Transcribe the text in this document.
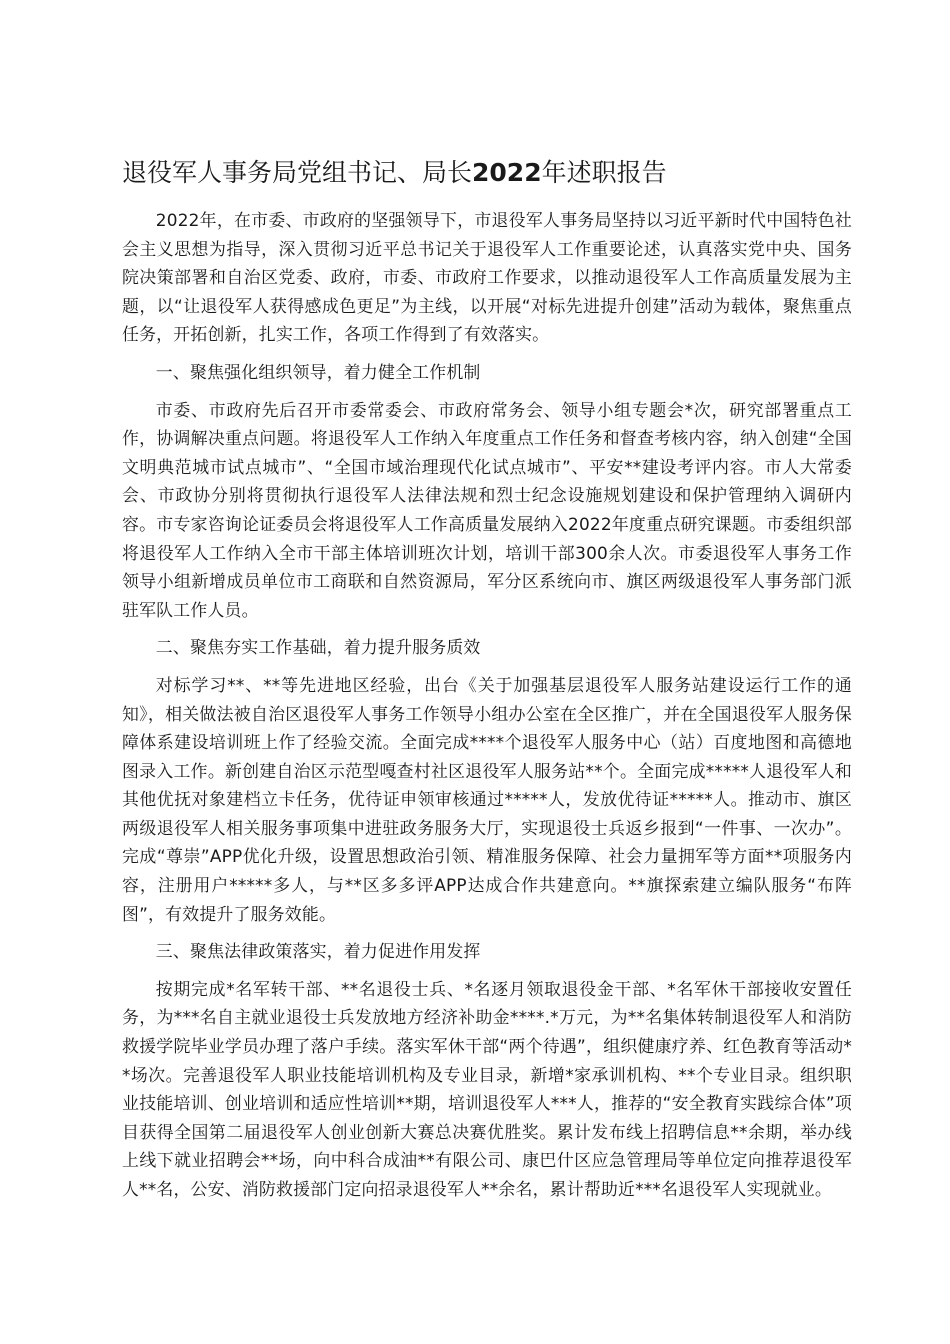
退役军人事务局党组书记、局长2022年述职报告

2022年，在市委、市政府的坚强领导下，市退役军人事务局坚持以习近平新时代中国特色社会主义思想为指导，深入贯彻习近平总书记关于退役军人工作重要论述，认真落实党中央、国务院决策部署和自治区党委、政府，市委、市政府工作要求，以推动退役军人工作高质量发展为主题，以“让退役军人获得感成色更足”为主线，以开展“对标先进提升创建”活动为载体，聚焦重点任务，开拓创新，扎实工作，各项工作得到了有效落实。

一、聚焦强化组织领导，着力健全工作机制

市委、市政府先后召开市委常委会、市政府常务会、领导小组专题会*次，研究部署重点工作，协调解决重点问题。将退役军人工作纳入年度重点工作任务和督查考核内容，纳入创建“全国文明典范城市试点城市”、“全国市域治理现代化试点城市”、平安**建设考评内容。市人大常委会、市政协分别将贯彻执行退役军人法律法规和烈士纪念设施规划建设和保护管理纳入调研内容。市专家咨询论证委员会将退役军人工作高质量发展纳入2022年度重点研究课题。市委组织部将退役军人工作纳入全市干部主体培训班次计划，培训干部300余人次。市委退役军人事务工作领导小组新增成员单位市工商联和自然资源局，军分区系统向市、旗区两级退役军人事务部门派驻军队工作人员。

二、聚焦夯实工作基础，着力提升服务质效

对标学习**、**等先进地区经验，出台《关于加强基层退役军人服务站建设运行工作的通知》，相关做法被自治区退役军人事务工作领导小组办公室在全区推广，并在全国退役军人服务保障体系建设培训班上作了经验交流。全面完成****个退役军人服务中心（站）百度地图和高德地图录入工作。新创建自治区示范型嘎查村社区退役军人服务站**个。全面完成*****人退役军人和其他优抚对象建档立卡任务，优待证申领审核通过*****人，发放优待证*****人。推动市、旗区两级退役军人相关服务事项集中进驻政务服务大厅，实现退役士兵返乡报到“一件事、一次办”。完成“尊崇”APP优化升级，设置思想政治引领、精准服务保障、社会力量拥军等方面**项服务内容，注册用户*****多人，与**区多多评APP达成合作共建意向。**旗探索建立编队服务“布阵图”，有效提升了服务效能。

三、聚焦法律政策落实，着力促进作用发挥

按期完成*名军转干部、**名退役士兵、*名逐月领取退役金干部、*名军休干部接收安置任务，为***名自主就业退役士兵发放地方经济补助金****.*万元，为**名集体转制退役军人和消防救援学院毕业学员办理了落户手续。落实军休干部“两个待遇”，组织健康疗养、红色教育等活动**场次。完善退役军人职业技能培训机构及专业目录，新增*家承训机构、**个专业目录。组织职业技能培训、创业培训和适应性培训**期，培训退役军人***人，推荐的“安全教育实践综合体”项目获得全国第二届退役军人创业创新大赛总决赛优胜奖。累计发布线上招聘信息**余期，举办线上线下就业招聘会**场，向中科合成油**有限公司、康巴什区应急管理局等单位定向推荐退役军人**名，公安、消防救援部门定向招录退役军人**余名，累计帮助近***名退役军人实现就业。
